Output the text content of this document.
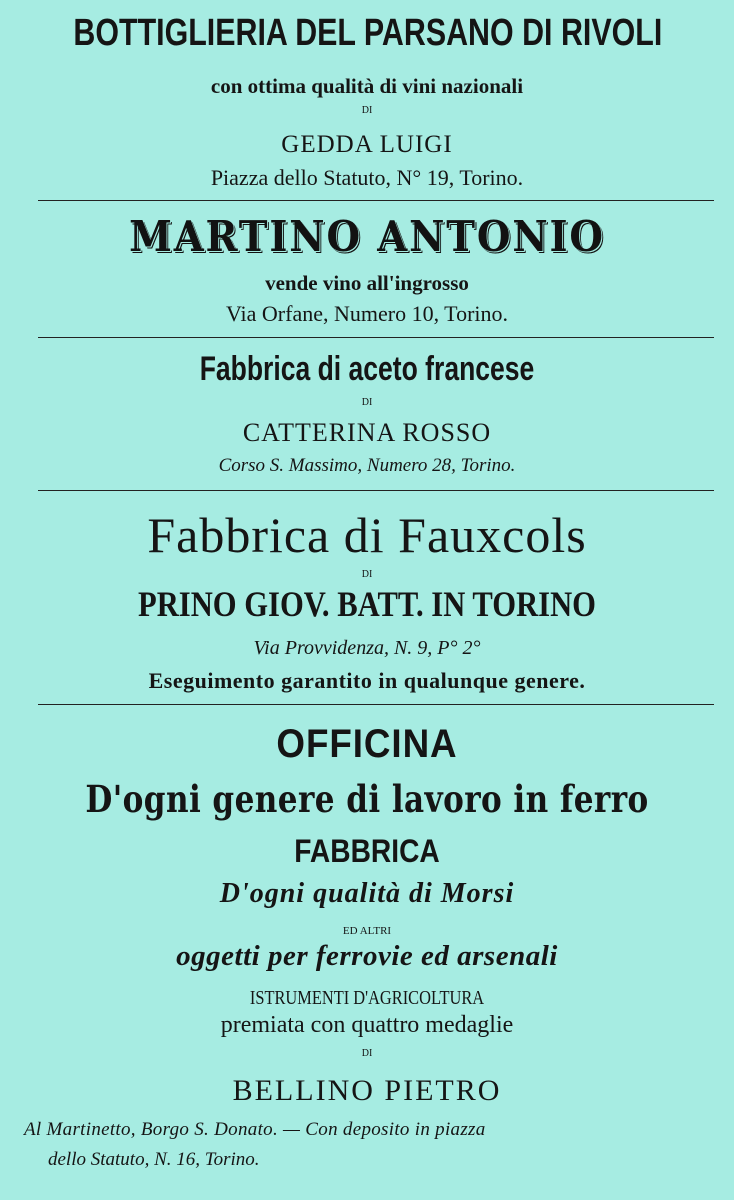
BOTTIGLIERIA DEL PARSANO DI RIVOLI
con ottima qualità di vini nazionali
DI
GEDDA LUIGI
Piazza dello Statuto, N° 19, Torino.
MARTINO ANTONIO
vende vino all'ingrosso
Via Orfane, Numero 10, Torino.
Fabbrica di aceto francese
DI
CATTERINA ROSSO
Corso S. Massimo, Numero 28, Torino.
Fabbrica di Fauxcols
DI
PRINO GIOV. BATT. IN TORINO
Via Provvidenza, N. 9, P° 2°
Eseguimento garantito in qualunque genere.
OFFICINA
D'ogni genere di lavoro in ferro
FABBRICA
D'ogni qualità di Morsi
ED ALTRI
oggetti per ferrovie ed arsenali
ISTRUMENTI D'AGRICOLTURA
premiata con quattro medaglie
DI
BELLINO PIETRO
Al Martinetto, Borgo S. Donato. — Con deposito in piazza
dello Statuto, N. 16, Torino.
